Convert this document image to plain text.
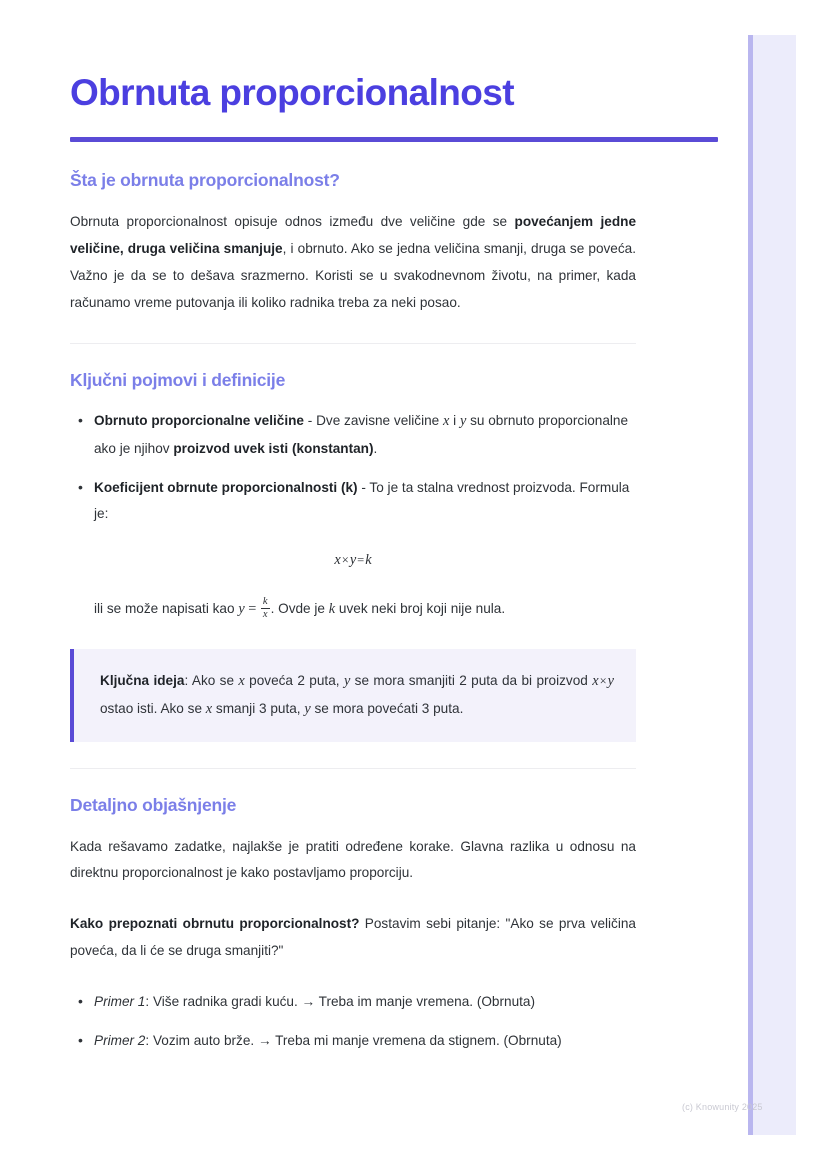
Obrnuta proporcionalnost
Šta je obrnuta proporcionalnost?

Obrnuta proporcionalnost opisuje odnos između dve veličine gde se povećanjem jedne veličine, druga veličina smanjuje, i obrnuto. Ako se jedna veličina smanji, druga se poveća. Važno je da se to dešava srazmerno. Koristi se u svakodnevnom životu, na primer, kada računamo vreme putovanja ili koliko radnika treba za neki posao.

Ključni pojmovi i definicije
• Obrnuto proporcionalne veličine - Dve zavisne veličine x i y su obrnuto proporcionalne ako je njihov proizvod uvek isti (konstantan).
• Koeficijent obrnute proporcionalnosti (k) - To je ta stalna vrednost proizvoda. Formula je:
x×y=k

ili se može napisati kao $y = \frac{k}{x}$ . Ovde je k uvek neki broj koji nije nula.

Ključna ideja: Ako se x poveća 2 puta, y se mora smanjiti 2 puta da bi proizvod x×y ostao isti. Ako se x smanji 3 puta, y se mora povećati 3 puta.

Detaljno objašnjenje

Kada rešavamo zadatke, najlakše je pratiti određene korake. Glavna razlika u odnosu na direktnu proporcionalnost je kako postavljamo proporciju.

Kako prepoznati obrnutu proporcionalnost? Postavim sebi pitanje: "Ako se prva veličina poveća, da li će se druga smanjiti?"

• Primer 1: Više radnika gradi kuću. → Treba im manje vremena. (Obrnuta)
• Primer 2: Vozim auto brže. → Treba mi manje vremena da stignem. (Obrnuta)
(c) Knowunity 2025
